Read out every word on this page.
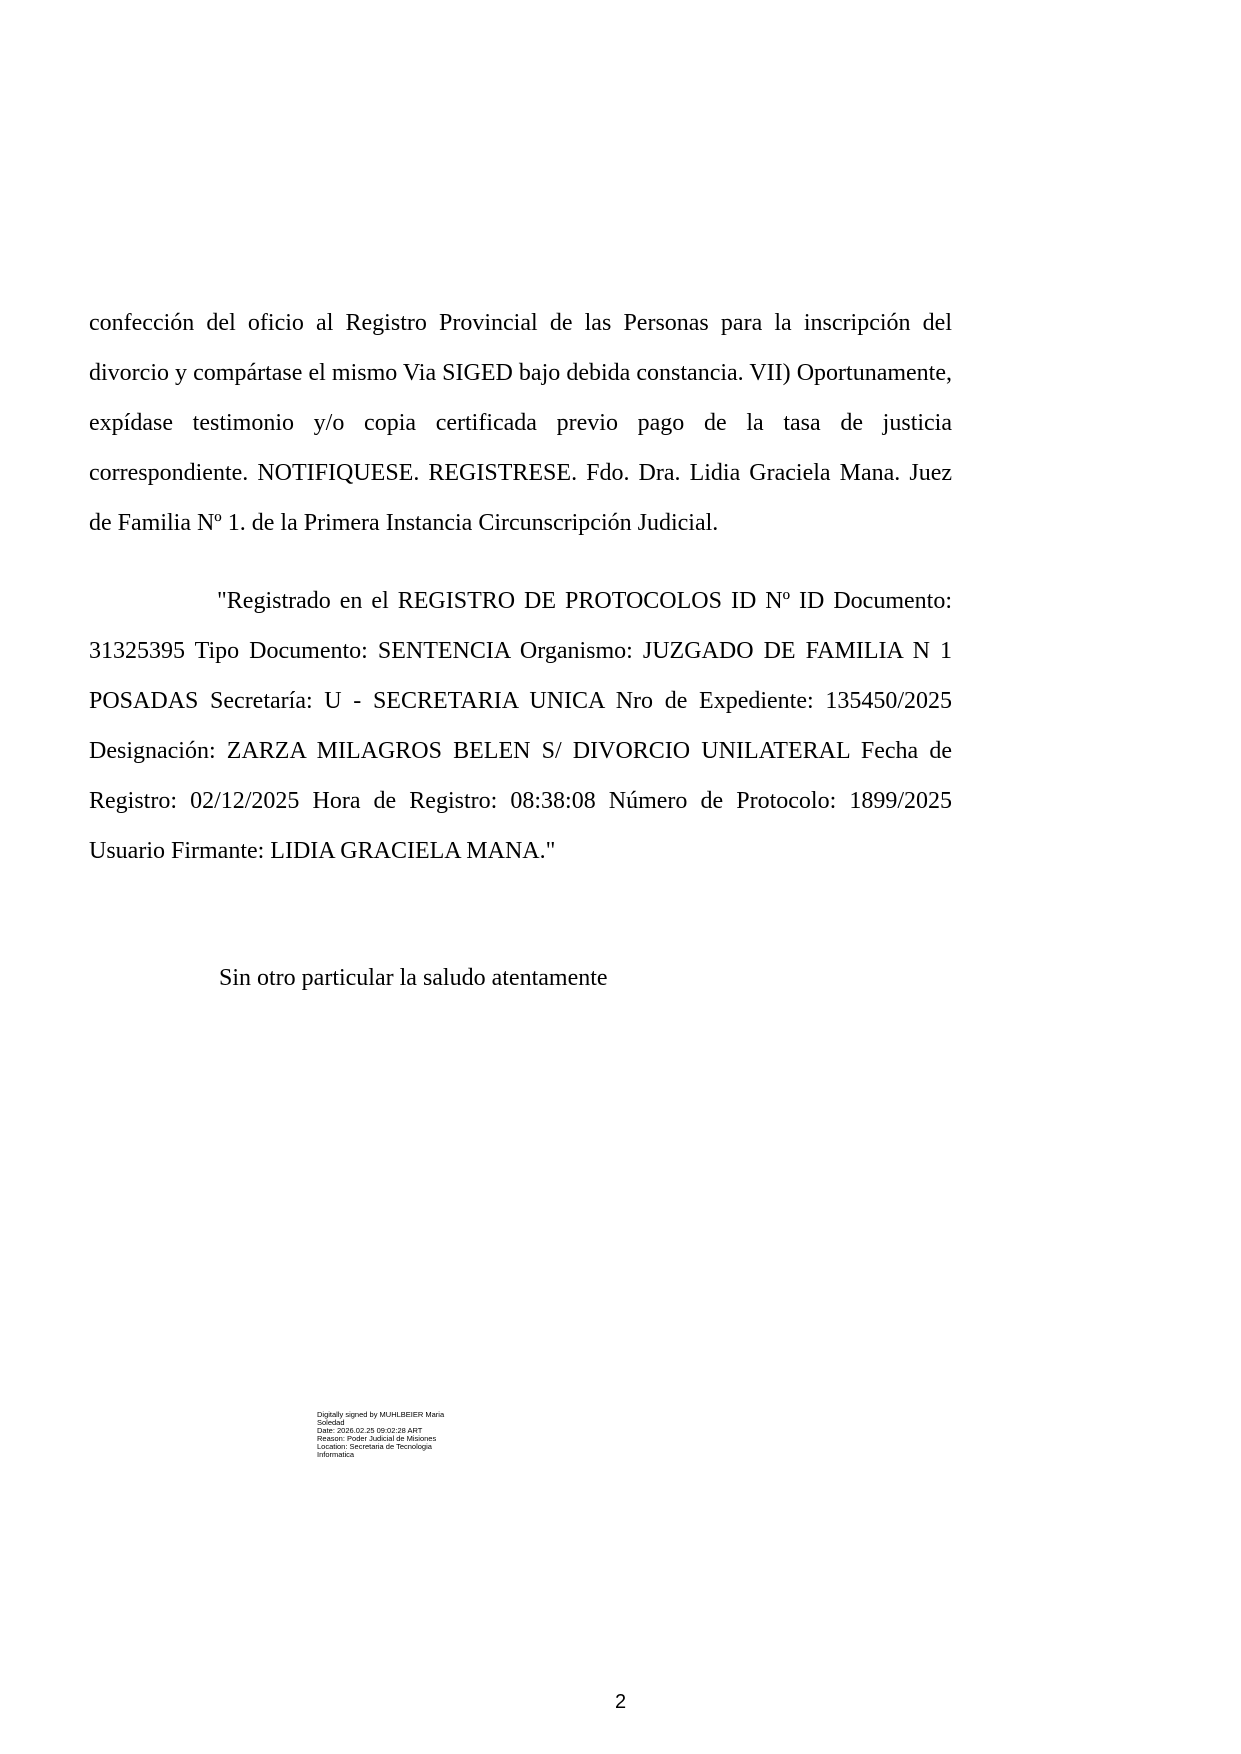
confección del oficio al Registro Provincial de las Personas para la inscripción del divorcio y compártase el mismo Via SIGED bajo debida constancia. VII) Oportunamente, expídase testimonio y/o copia certificada previo pago de la tasa de justicia correspondiente. NOTIFIQUESE. REGISTRESE. Fdo. Dra. Lidia Graciela Mana. Juez de Familia Nº 1. de la Primera Instancia Circunscripción Judicial.

"Registrado en el REGISTRO DE PROTOCOLOS ID Nº ID Documento: 31325395 Tipo Documento: SENTENCIA Organismo: JUZGADO DE FAMILIA N 1 POSADAS Secretaría: U - SECRETARIA UNICA Nro de Expediente: 135450/2025 Designación: ZARZA MILAGROS BELEN S/ DIVORCIO UNILATERAL Fecha de Registro: 02/12/2025 Hora de Registro: 08:38:08 Número de Protocolo: 1899/2025 Usuario Firmante: LIDIA GRACIELA MANA."

Sin otro particular la saludo atentamente

Digitally signed by MUHLBEIER Maria
Soledad
Date: 2026.02.25 09:02:28 ART
Reason: Poder Judicial de Misiones
Location: Secretaria de Tecnologia
Informatica
2
